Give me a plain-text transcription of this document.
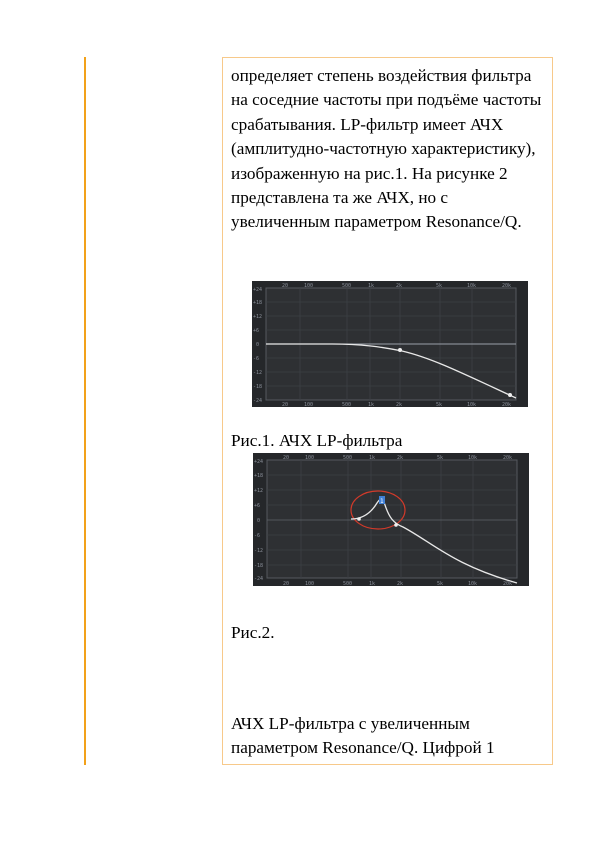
определяет степень воздействия фильтра на соседние частоты при подъёме частоты срабатывания. LP-фильтр имеет АЧХ (амплитудно-частотную характеристику), изображенную на рис.1. На рисунке 2 представлена та же АЧХ, но с увеличенным параметром Resonance/Q.

20	100	500	1k	2k	5k	10k	20k
+24
+18
+12
+6
0
-6
-12
-18
-24
20	100	500	1k	2k	5k	10k	20k

Рис.1. АЧХ LP-фильтра

1
20	100	500	1k	2k	5k	10k	20k
+24
+18
+12
+6
0
-6
-12
-18
-24
20	100	500	1k	2k	5k	10k	20k

Рис.2.

АЧХ LP-фильтра с увеличенным параметром Resonance/Q. Цифрой 1
